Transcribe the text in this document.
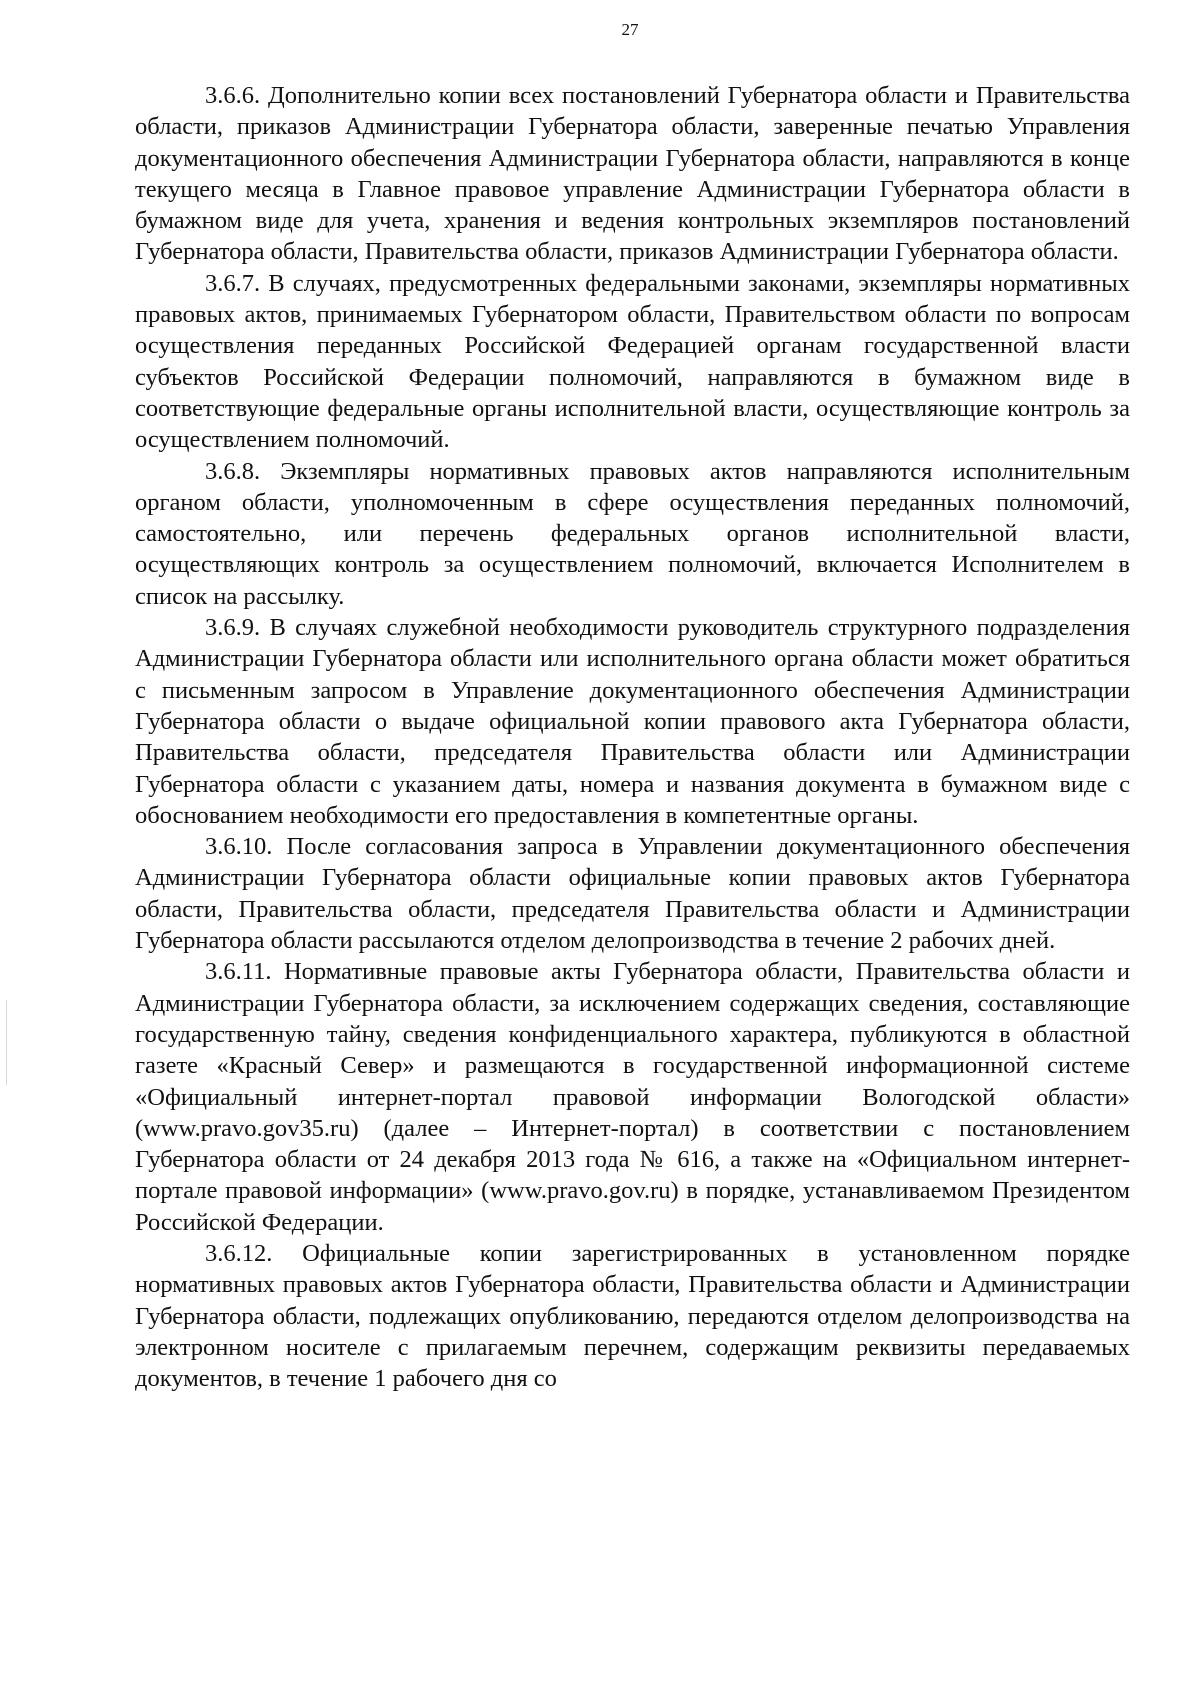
27

3.6.6. Дополнительно копии всех постановлений Губернатора области и Правительства области, приказов Администрации Губернатора области, заверенные печатью Управления документационного обеспечения Администрации Губернатора области, направляются в конце текущего месяца в Главное правовое управление Администрации Губернатора области в бумажном виде для учета, хранения и ведения контрольных экземпляров постановлений Губернатора области, Правительства области, приказов Администрации Губернатора области.

3.6.7. В случаях, предусмотренных федеральными законами, экземпляры нормативных правовых актов, принимаемых Губернатором области, Правительством области по вопросам осуществления переданных Российской Федерацией органам государственной власти субъектов Российской Федерации полномочий, направляются в бумажном виде в соответствующие федеральные органы исполнительной власти, осуществляющие контроль за осуществлением полномочий.

3.6.8. Экземпляры нормативных правовых актов направляются исполнительным органом области, уполномоченным в сфере осуществления переданных полномочий, самостоятельно, или перечень федеральных органов исполнительной власти, осуществляющих контроль за осуществлением полномочий, включается Исполнителем в список на рассылку.

3.6.9. В случаях служебной необходимости руководитель структурного подразделения Администрации Губернатора области или исполнительного органа области может обратиться с письменным запросом в Управление документационного обеспечения Администрации Губернатора области о выдаче официальной копии правового акта Губернатора области, Правительства области, председателя Правительства области или Администрации Губернатора области с указанием даты, номера и названия документа в бумажном виде с обоснованием необходимости его предоставления в компетентные органы.

3.6.10. После согласования запроса в Управлении документационного обеспечения Администрации Губернатора области официальные копии правовых актов Губернатора области, Правительства области, председателя Правительства области и Администрации Губернатора области рассылаются отделом делопроизводства в течение 2 рабочих дней.

3.6.11. Нормативные правовые акты Губернатора области, Правительства области и Администрации Губернатора области, за исключением содержащих сведения, составляющие государственную тайну, сведения конфиденциального характера, публикуются в областной газете «Красный Север» и размещаются в государственной информационной системе «Официальный интернет-портал правовой информации Вологодской области» (www.pravo.gov35.ru) (далее – Интернет-портал) в соответствии с постановлением Губернатора области от 24 декабря 2013 года № 616, а также на «Официальном интернет-портале правовой информации» (www.pravo.gov.ru) в порядке, устанавливаемом Президентом Российской Федерации.

3.6.12. Официальные копии зарегистрированных в установленном порядке нормативных правовых актов Губернатора области, Правительства области и Администрации Губернатора области, подлежащих опубликованию, передаются отделом делопроизводства на электронном носителе с прилагаемым перечнем, содержащим реквизиты передаваемых документов, в течение 1 рабочего дня со
